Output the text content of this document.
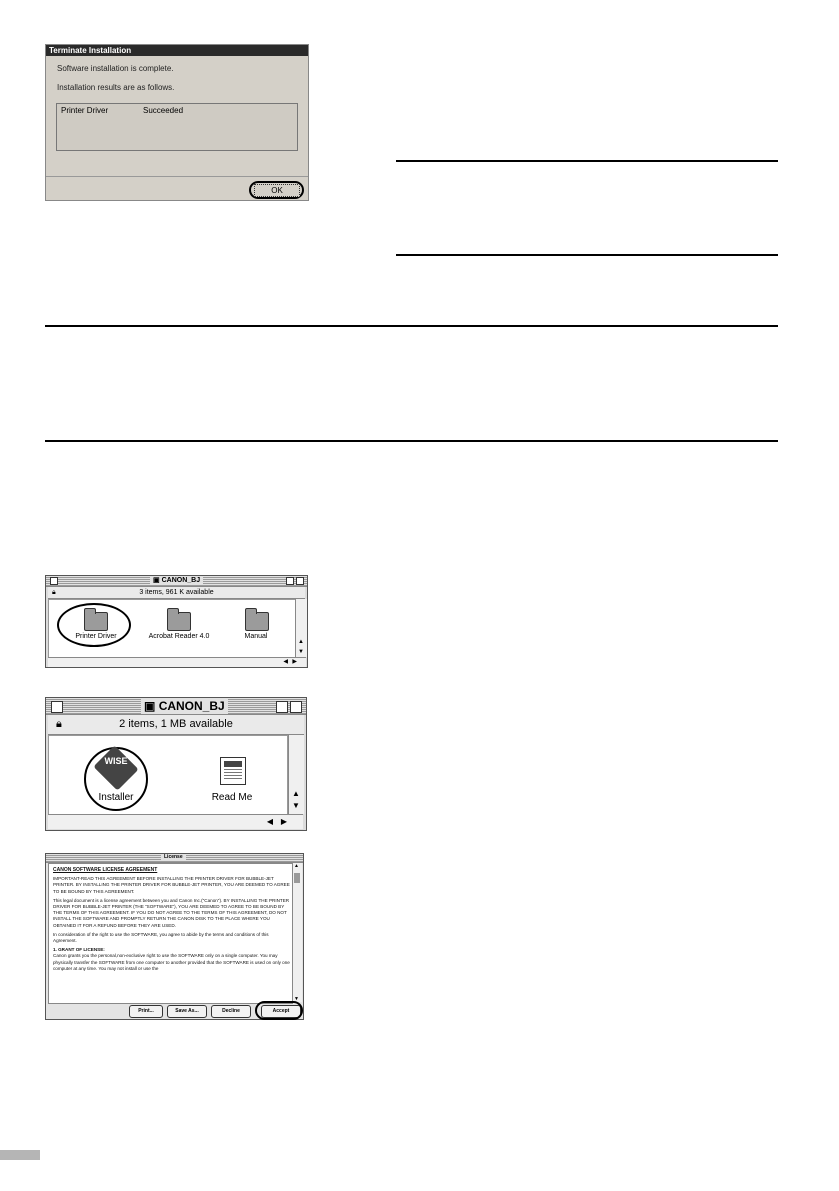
Terminate Installation
Software installation is complete.
Installation results are as follows.
Printer Driver	Succeeded
OK
▣ CANON_BJ
🔒︎	3 items, 961 K available
Printer Driver	Acrobat Reader 4.0	Manual
▲
▼
◀ ▶
▣ CANON_BJ
🔒︎	2 items, 1 MB available
WISE
Installer	Read Me	▲
▼
◀ ▶
License

CANON SOFTWARE LICENSE AGREEMENT

IMPORTANT-READ THIS AGREEMENT BEFORE INSTALLING THE PRINTER DRIVER FOR BUBBLE-JET PRINTER. BY INSTALLING THE PRINTER DRIVER FOR BUBBLE-JET PRINTER, YOU ARE DEEMED TO AGREE TO BE BOUND BY THIS AGREEMENT.

This legal document is a license agreement between you and Canon Inc.("Canon"). BY INSTALLING THE PRINTER DRIVER FOR BUBBLE-JET PRINTER (THE "SOFTWARE"), YOU ARE DEEMED TO AGREE TO BE BOUND BY THE TERMS OF THIS AGREEMENT. IF YOU DO NOT AGREE TO THE TERMS OF THIS AGREEMENT, DO NOT INSTALL THE SOFTWARE AND PROMPTLY RETURN THE CANON DISK TO THE PLACE WHERE YOU OBTAINED IT FOR A REFUND BEFORE THEY ARE USED.

In consideration of the right to use the SOFTWARE, you agree to abide by the terms and conditions of this Agreement.

1. GRANT OF LICENSE:

Canon grants you the personal,non-exclusive right to use the SOFTWARE only on a single computer. You may physically transfer the SOFTWARE from one computer to another provided that the SOFTWARE is used on only one computer at any time. You may not install or use the

▲
▼
Print...	Save As...	Decline	Accept
